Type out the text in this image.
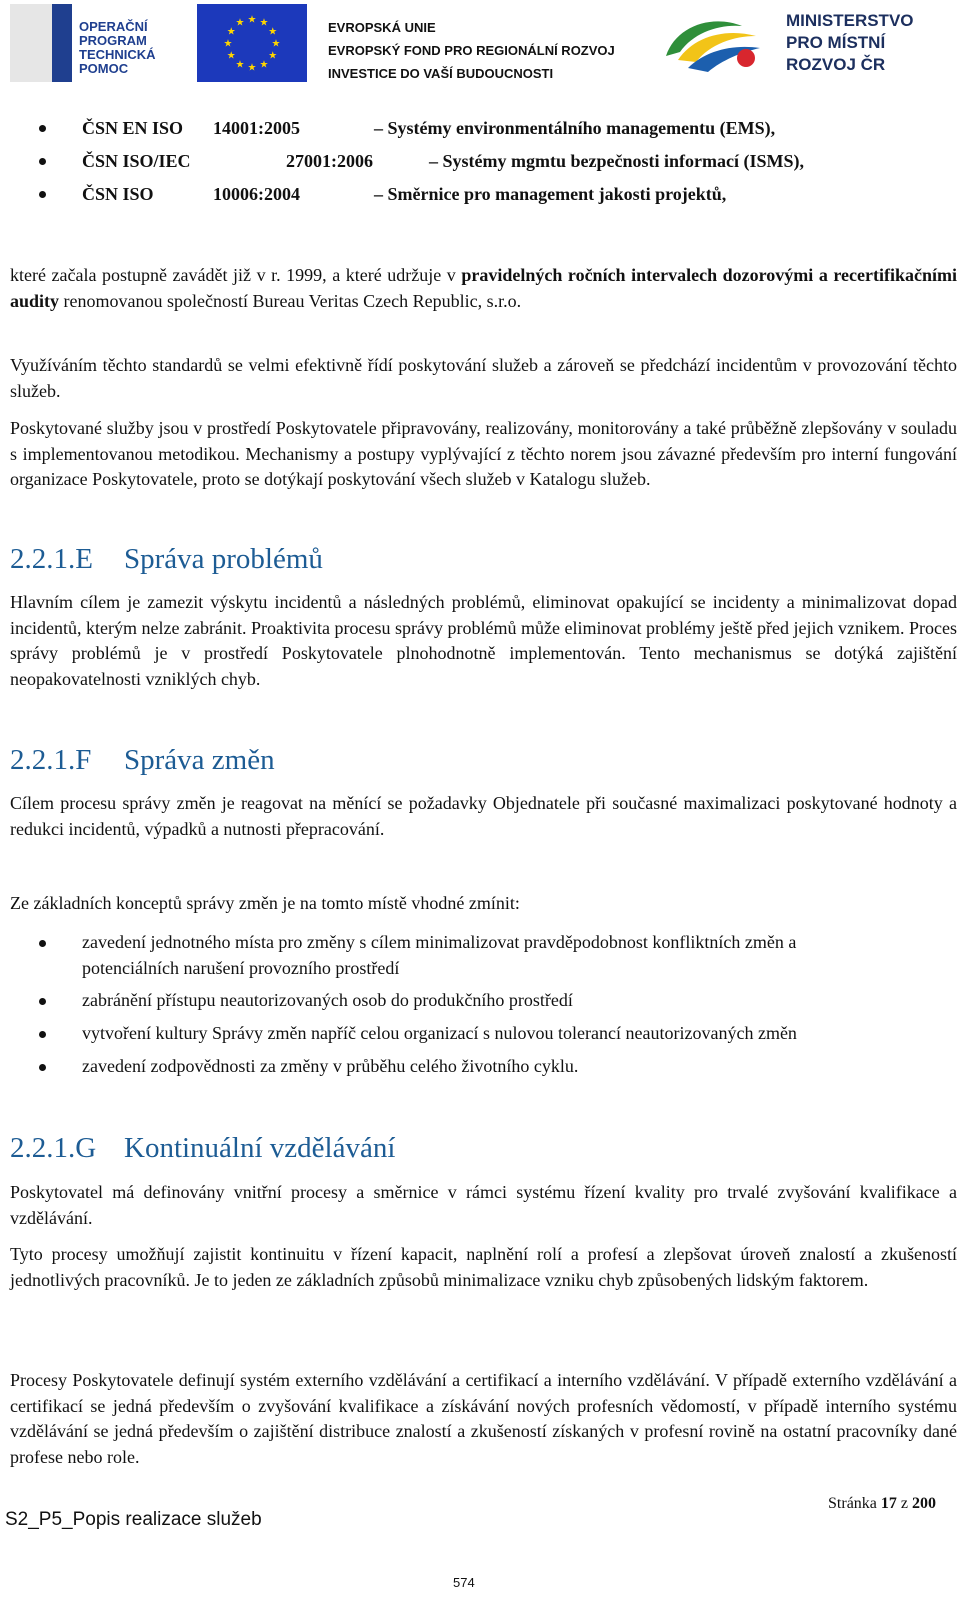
OPERAČNÍ
PROGRAM
TECHNICKÁ
POMOC
★ ★
★
★
★
★
★
★
★
★
★
★	EVROPSKÁ UNIE
EVROPSKÝ FOND PRO REGIONÁLNÍ ROZVOJ
INVESTICE DO VAŠÍ BUDOUCNOSTI
MINISTERSTVO
PRO MÍSTNÍ
ROZVOJ ČR
ČSN EN ISO 14001:2005	– Systémy environmentálního managementu (EMS),
ČSN ISO/IEC	27001:2006	– Systémy mgmtu bezpečnosti informací (ISMS),
ČSN ISO	10006:2004	– Směrnice pro management jakosti projektů,

které začala postupně zavádět již v r. 1999, a které udržuje v pravidelných ročních intervalech dozorovými a recertifikačními audity renomovanou společností Bureau Veritas Czech Republic, s.r.o.

Využíváním těchto standardů se velmi efektivně řídí poskytování služeb a zároveň se předchází incidentům v provozování těchto služeb.

Poskytované služby jsou v prostředí Poskytovatele připravovány, realizovány, monitorovány a také průběžně zlepšovány v souladu s implementovanou metodikou. Mechanismy a postupy vyplývající z těchto norem jsou závazné především pro interní fungování organizace Poskytovatele, proto se dotýkají poskytování všech služeb v Katalogu služeb.

2.2.1.E Správa problémů

Hlavním cílem je zamezit výskytu incidentů a následných problémů, eliminovat opakující se incidenty a minimalizovat dopad incidentů, kterým nelze zabránit. Proaktivita procesu správy problémů může eliminovat problémy ještě před jejich vznikem. Proces správy problémů je v prostředí Poskytovatele plnohodnotně implementován. Tento mechanismus se dotýká zajištění neopakovatelnosti vzniklých chyb.

2.2.1.F Správa změn

Cílem procesu správy změn je reagovat na měnící se požadavky Objednatele při současné maximalizaci poskytované hodnoty a redukci incidentů, výpadků a nutnosti přepracování.

Ze základních konceptů správy změn je na tomto místě vhodné zmínit:

zavedení jednotného místa pro změny s cílem minimalizovat pravděpodobnost konfliktních změn a potenciálních narušení provozního prostředí
zabránění přístupu neautorizovaných osob do produkčního prostředí
vytvoření kultury Správy změn napříč celou organizací s nulovou tolerancí neautorizovaných změn
zavedení zodpovědnosti za změny v průběhu celého životního cyklu.
2.2.1.G Kontinuální vzdělávání

Poskytovatel má definovány vnitřní procesy a směrnice v rámci systému řízení kvality pro trvalé zvyšování kvalifikace a vzdělávání.

Tyto procesy umožňují zajistit kontinuitu v řízení kapacit, naplnění rolí a profesí a zlepšovat úroveň znalostí a zkušeností jednotlivých pracovníků. Je to jeden ze základních způsobů minimalizace vzniku chyb způsobených lidským faktorem.

Procesy Poskytovatele definují systém externího vzdělávání a certifikací a interního vzdělávání. V případě externího vzdělávání a certifikací se jedná především o zvyšování kvalifikace a získávání nových profesních vědomostí, v případě interního systému vzdělávání se jedná především o zajištění distribuce znalostí a zkušeností získaných v profesní rovině na ostatní pracovníky dané profese nebo role.

Stránka 17 z 200
S2_P5_Popis realizace služeb
574
